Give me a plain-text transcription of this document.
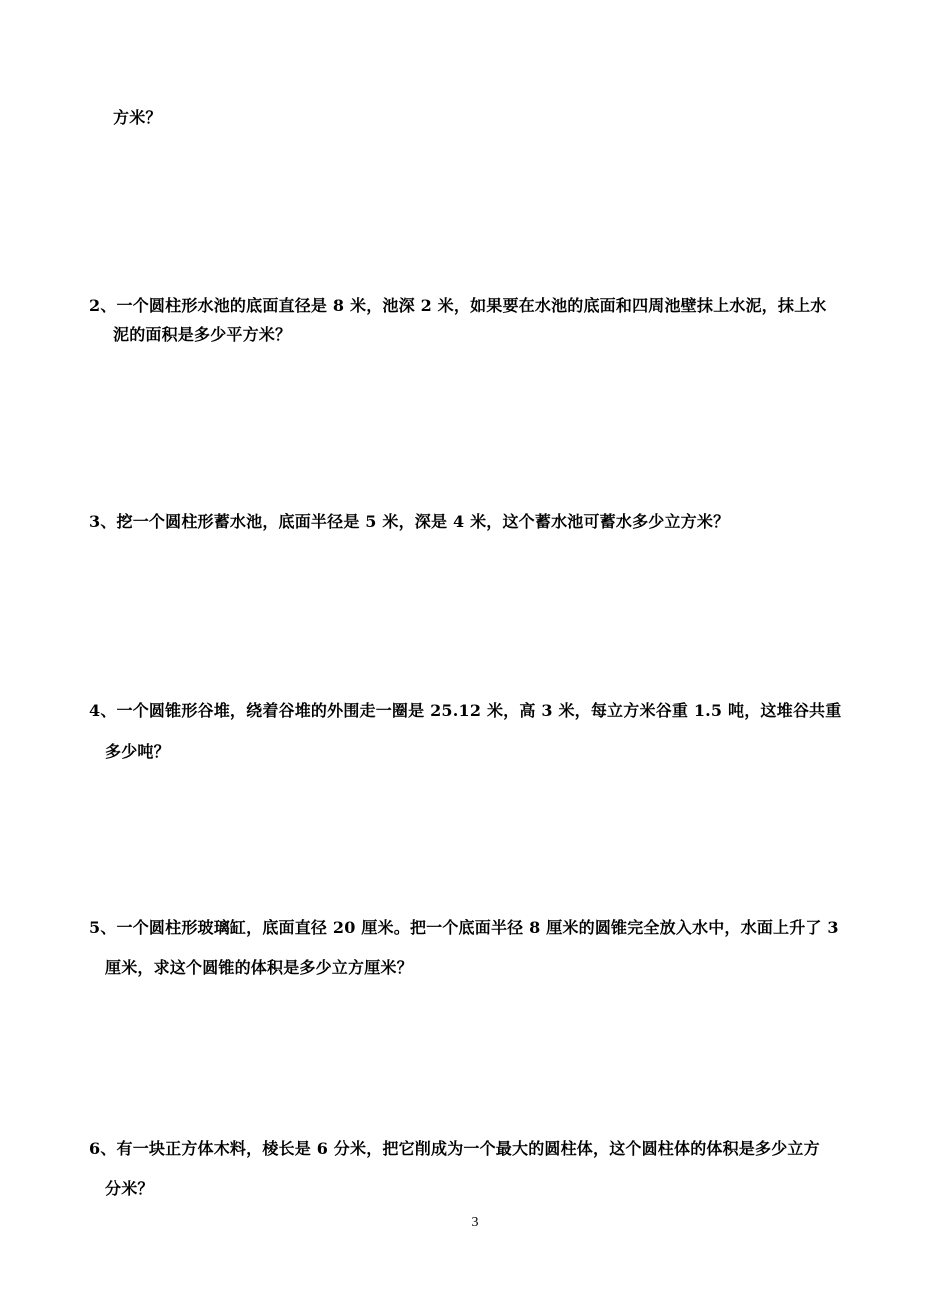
方米？
2、一个圆柱形水池的底面直径是 8 米，池深 2 米，如果要在水池的底面和四周池壁抹上水泥，抹上水
泥的面积是多少平方米？
3、挖一个圆柱形蓄水池，底面半径是 5 米，深是 4 米，这个蓄水池可蓄水多少立方米？
4、一个圆锥形谷堆，绕着谷堆的外围走一圈是 25.12 米，高 3 米，每立方米谷重 1.5 吨，这堆谷共重
多少吨？
5、一个圆柱形玻璃缸，底面直径 20 厘米。把一个底面半径 8 厘米的圆锥完全放入水中，水面上升了 3
厘米，求这个圆锥的体积是多少立方厘米？
6、有一块正方体木料，棱长是 6 分米，把它削成为一个最大的圆柱体，这个圆柱体的体积是多少立方
分米？
3
